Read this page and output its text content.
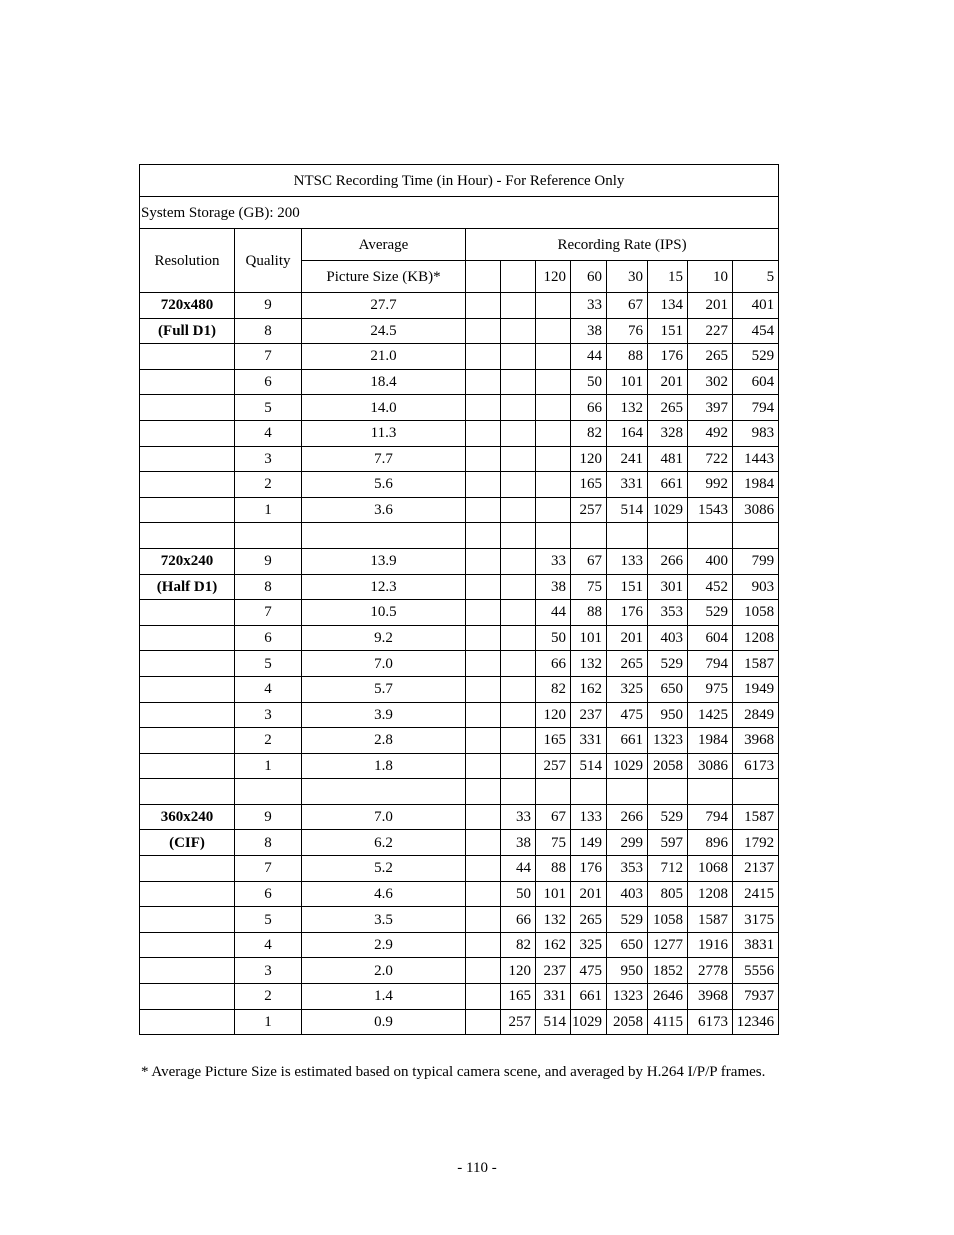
NTSC Recording Time (in Hour) - For Reference Only										
System Storage (GB): 200										
Resolution	Quality	Average	Recording Rate (IPS)							
		Picture Size (KB)*			120	60	30	15	10	5
720x480	9	27.7				33	67	134	201	401
(Full D1)	8	24.5				38	76	151	227	454
	7	21.0				44	88	176	265	529
	6	18.4				50	101	201	302	604
	5	14.0				66	132	265	397	794
	4	11.3				82	164	328	492	983
	3	7.7				120	241	481	722	1443
	2	5.6				165	331	661	992	1984
	1	3.6				257	514	1029	1543	3086

720x240	9	13.9			33	67	133	266	400	799
(Half D1)	8	12.3			38	75	151	301	452	903
	7	10.5			44	88	176	353	529	1058
	6	9.2			50	101	201	403	604	1208
	5	7.0			66	132	265	529	794	1587
	4	5.7			82	162	325	650	975	1949
	3	3.9			120	237	475	950	1425	2849
	2	2.8			165	331	661	1323	1984	3968
	1	1.8			257	514	1029	2058	3086	6173

360x240	9	7.0		33	67	133	266	529	794	1587
(CIF)	8	6.2		38	75	149	299	597	896	1792
	7	5.2		44	88	176	353	712	1068	2137
	6	4.6		50	101	201	403	805	1208	2415
	5	3.5		66	132	265	529	1058	1587	3175
	4	2.9		82	162	325	650	1277	1916	3831
	3	2.0		120	237	475	950	1852	2778	5556
	2	1.4		165	331	661	1323	2646	3968	7937
	1	0.9		257	514	1029	2058	4115	6173	12346
* Average Picture Size is estimated based on typical camera scene, and averaged by H.264 I/P/P frames.
- 110 -
